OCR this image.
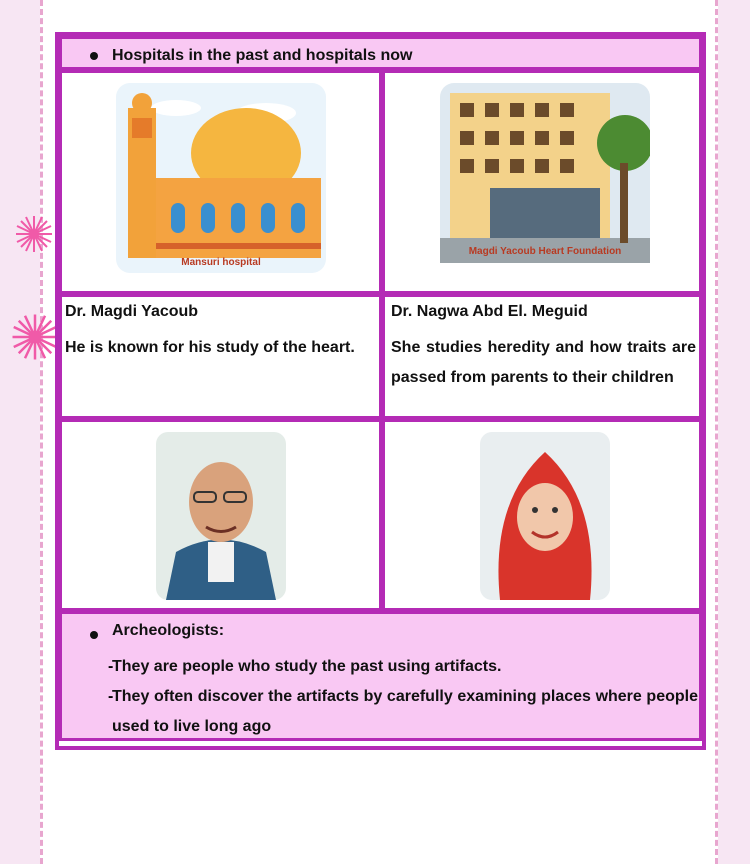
Hospitals in the past and hospitals now
Mansuri hospital
Magdi Yacoub Heart Foundation
Dr. Magdi Yacoub
He is known for his study of the heart.
Dr. Nagwa Abd El. Meguid
She studies heredity and how traits are passed from parents to their children
Archeologists:
-
They are people who study the past using artifacts.
-
They often discover the artifacts by carefully examining places where people used to live long ago
